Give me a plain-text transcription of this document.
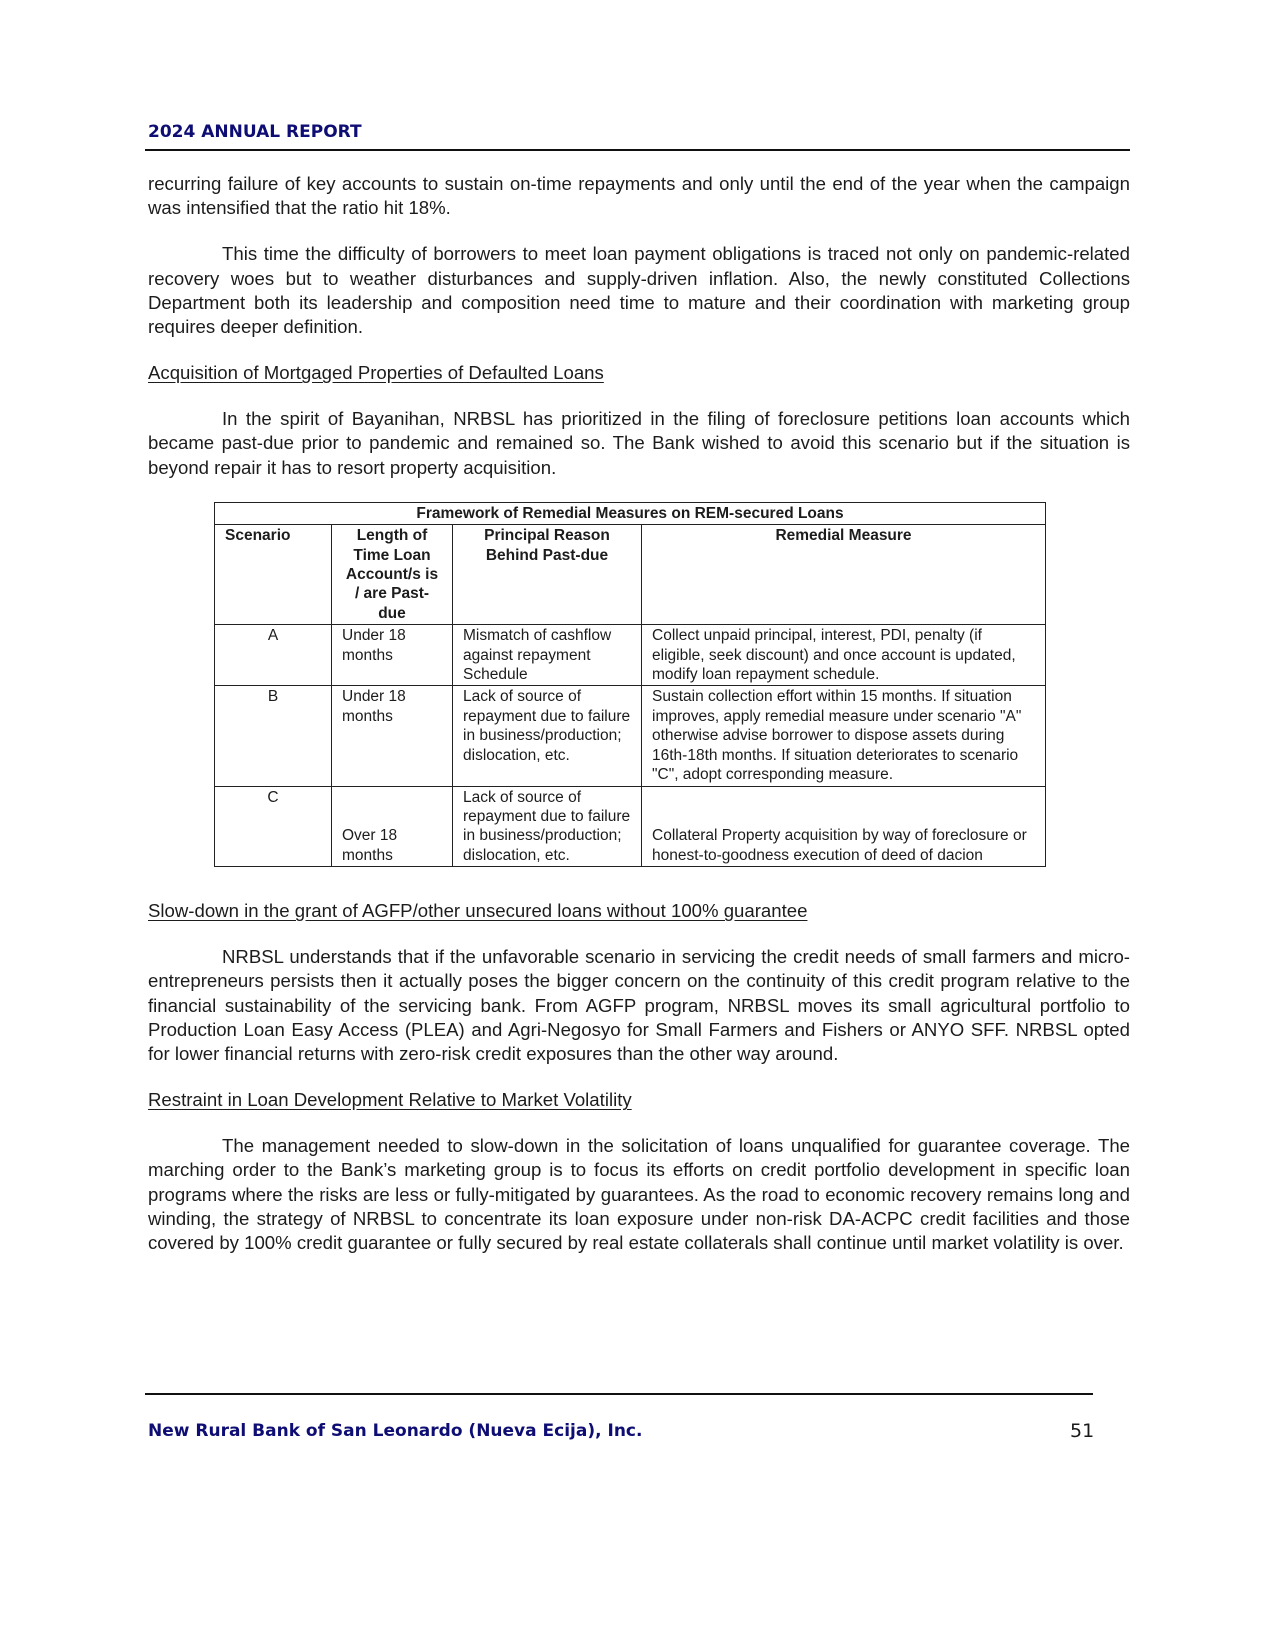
2024 ANNUAL REPORT

recurring failure of key accounts to sustain on-time repayments and only until the end of the year when the campaign was intensified that the ratio hit 18%.

This time the difficulty of borrowers to meet loan payment obligations is traced not only on pandemic-related recovery woes but to weather disturbances and supply-driven inflation. Also, the newly constituted Collections Department both its leadership and composition need time to mature and their coordination with marketing group requires deeper definition.

Acquisition of Mortgaged Properties of Defaulted Loans

In the spirit of Bayanihan, NRBSL has prioritized in the filing of foreclosure petitions loan accounts which became past-due prior to pandemic and remained so. The Bank wished to avoid this scenario but if the situation is beyond repair it has to resort property acquisition.

Framework of Remedial Measures on REM-secured Loans			
Scenario	Length of Time Loan Account/s is / are Past-due	Principal Reason Behind Past-due	Remedial Measure
A	Under 18 months	Mismatch of cashflow against repayment Schedule	Collect unpaid principal, interest, PDI, penalty (if eligible, seek discount) and once account is updated, modify loan repayment schedule.
B	Under 18 months	Lack of source of repayment due to failure in business/production; dislocation, etc.	Sustain collection effort within 15 months. If situation improves, apply remedial measure under scenario "A" otherwise advise borrower to dispose assets during 16th-18th months. If situation deteriorates to scenario "C", adopt corresponding measure.
C	Over 18 months	Lack of source of repayment due to failure in business/production; dislocation, etc.	Collateral Property acquisition by way of foreclosure or honest-to-goodness execution of deed of dacion
Slow-down in the grant of AGFP/other unsecured loans without 100% guarantee

NRBSL understands that if the unfavorable scenario in servicing the credit needs of small farmers and micro-entrepreneurs persists then it actually poses the bigger concern on the continuity of this credit program relative to the financial sustainability of the servicing bank. From AGFP program, NRBSL moves its small agricultural portfolio to Production Loan Easy Access (PLEA) and Agri-Negosyo for Small Farmers and Fishers or ANYO SFF. NRBSL opted for lower financial returns with zero-risk credit exposures than the other way around.

Restraint in Loan Development Relative to Market Volatility

The management needed to slow-down in the solicitation of loans unqualified for guarantee coverage. The marching order to the Bank’s marketing group is to focus its efforts on credit portfolio development in specific loan programs where the risks are less or fully-mitigated by guarantees. As the road to economic recovery remains long and winding, the strategy of NRBSL to concentrate its loan exposure under non-risk DA-ACPC credit facilities and those covered by 100% credit guarantee or fully secured by real estate collaterals shall continue until market volatility is over.

New Rural Bank of San Leonardo (Nueva Ecija), Inc.	51
